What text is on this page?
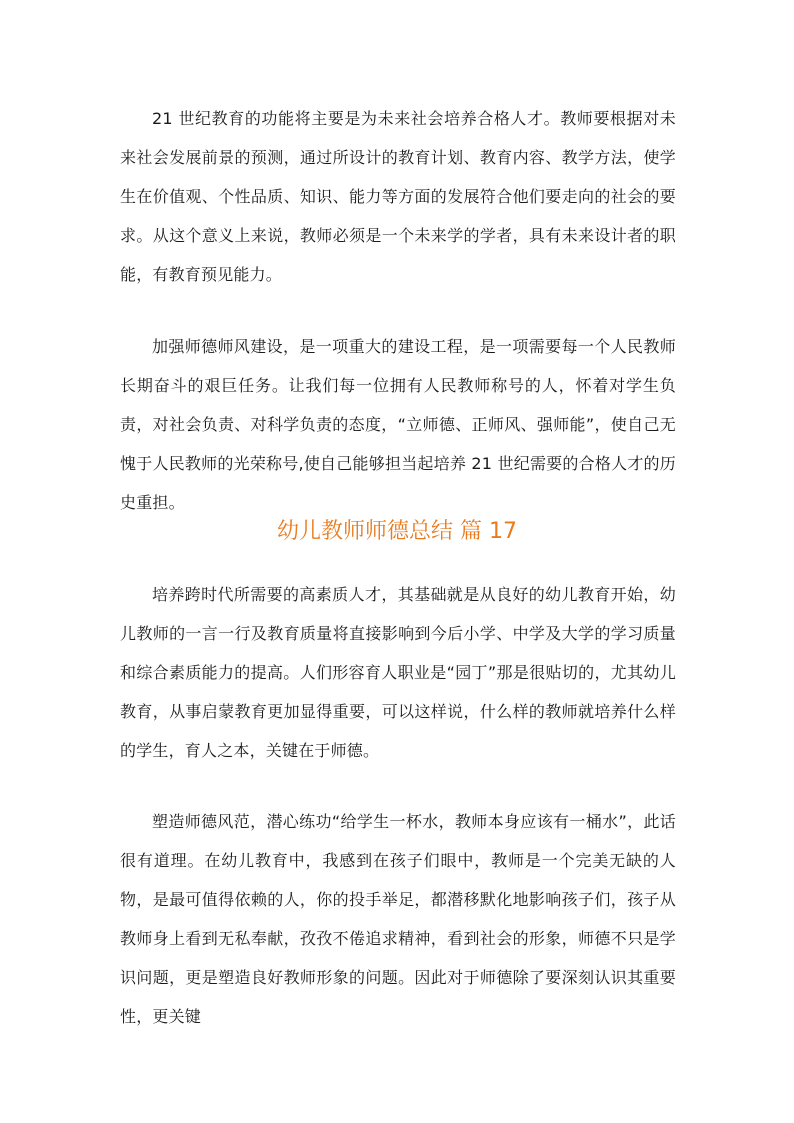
21 世纪教育的功能将主要是为未来社会培养合格人才。教师要根据对未来社会发展前景的预测，通过所设计的教育计划、教育内容、教学方法，使学生在价值观、个性品质、知识、能力等方面的发展符合他们要走向的社会的要求。从这个意义上来说，教师必须是一个未来学的学者，具有未来设计者的职能，有教育预见能力。

加强师德师风建设，是一项重大的建设工程，是一项需要每一个人民教师长期奋斗的艰巨任务。让我们每一位拥有人民教师称号的人，怀着对学生负责，对社会负责、对科学负责的态度，“立师德、正师风、强师能”，使自己无愧于人民教师的光荣称号,使自己能够担当起培养 21 世纪需要的合格人才的历史重担。

幼儿教师师德总结 篇 17

培养跨时代所需要的高素质人才，其基础就是从良好的幼儿教育开始，幼儿教师的一言一行及教育质量将直接影响到今后小学、中学及大学的学习质量和综合素质能力的提高。人们形容育人职业是“园丁”那是很贴切的，尤其幼儿教育，从事启蒙教育更加显得重要，可以这样说，什么样的教师就培养什么样的学生，育人之本，关键在于师德。

塑造师德风范，潜心练功“给学生一杯水，教师本身应该有一桶水”，此话很有道理。在幼儿教育中，我感到在孩子们眼中，教师是一个完美无缺的人物，是最可值得依赖的人，你的投手举足，都潜移默化地影响孩子们，孩子从教师身上看到无私奉献，孜孜不倦追求精神，看到社会的形象，师德不只是学识问题，更是塑造良好教师形象的问题。因此对于师德除了要深刻认识其重要性，更关键
